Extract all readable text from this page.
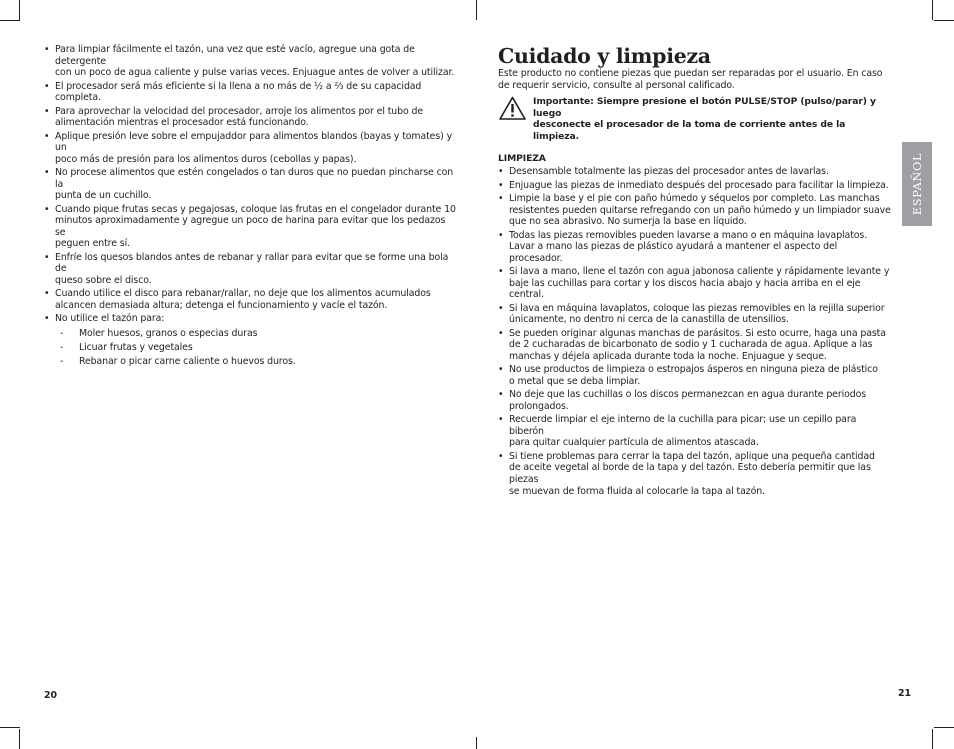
• Para limpiar fácilmente el tazón, una vez que esté vacío, agregue una gota de detergente
con un poco de agua caliente y pulse varias veces. Enjuague antes de volver a utilizar.
• El procesador será más eficiente si la llena a no más de ½ a ⅔ de su capacidad
completa.
• Para aprovechar la velocidad del procesador, arroje los alimentos por el tubo de
alimentación mientras el procesador está funcionando.
• Aplique presión leve sobre el empujaddor para alimentos blandos (bayas y tomates) y un
poco más de presión para los alimentos duros (cebollas y papas).
• No procese alimentos que estén congelados o tan duros que no puedan pincharse con la
punta de un cuchillo.
• Cuando pique frutas secas y pegajosas, coloque las frutas en el congelador durante 10
minutos aproximadamente y agregue un poco de harina para evitar que los pedazos se
peguen entre sí.
• Enfríe los quesos blandos antes de rebanar y rallar para evitar que se forme una bola de
queso sobre el disco.
• Cuando utilice el disco para rebanar/rallar, no deje que los alimentos acumulados
alcancen demasiada altura; detenga el funcionamiento y vacíe el tazón.
• No utilice el tazón para:
- Moler huesos, granos o especias duras
- Licuar frutas y vegetales
- Rebanar o picar carne caliente o huevos duros.
20
Cuidado y limpieza
Este producto no contiene piezas que puedan ser reparadas por el usuario. En caso
de requerir servicio, consulte al personal calificado.
Importante: Siempre presione el botón PULSE/STOP (pulso/parar) y luego
desconecte el procesador de la toma de corriente antes de la limpieza.
LIMPIEZA
• Desensamble totalmente las piezas del procesador antes de lavarlas.
• Enjuague las piezas de inmediato después del procesado para facilitar la limpieza.
• Limpie la base y el pie con paño húmedo y séquelos por completo. Las manchas
resistentes pueden quitarse refregando con un paño húmedo y un limpiador suave
que no sea abrasivo. No sumerja la base en líquido.
• Todas las piezas removibles pueden lavarse a mano o en máquina lavaplatos.
Lavar a mano las piezas de plástico ayudará a mantener el aspecto del procesador.
• Si lava a mano, llene el tazón con agua jabonosa caliente y rápidamente levante y
baje las cuchillas para cortar y los discos hacia abajo y hacia arriba en el eje central.
• Si lava en máquina lavaplatos, coloque las piezas removibles en la rejilla superior
únicamente, no dentro ni cerca de la canastilla de utensilios.
• Se pueden originar algunas manchas de parásitos. Si esto ocurre, haga una pasta
de 2 cucharadas de bicarbonato de sodio y 1 cucharada de agua. Aplique a las
manchas y déjela aplicada durante toda la noche. Enjuague y seque.
• No use productos de limpieza o estropajos ásperos en ninguna pieza de plástico
o metal que se deba limpiar.
• No deje que las cuchillas o los discos permanezcan en agua durante periodos
prolongados.
• Recuerde limpiar el eje interno de la cuchilla para picar; use un cepillo para biberón
para quitar cualquier partícula de alimentos atascada.
• Si tiene problemas para cerrar la tapa del tazón, aplique una pequeña cantidad
de aceite vegetal al borde de la tapa y del tazón. Esto debería permitir que las piezas
se muevan de forma fluida al colocarle la tapa al tazón.
ESPAÑOL
21
